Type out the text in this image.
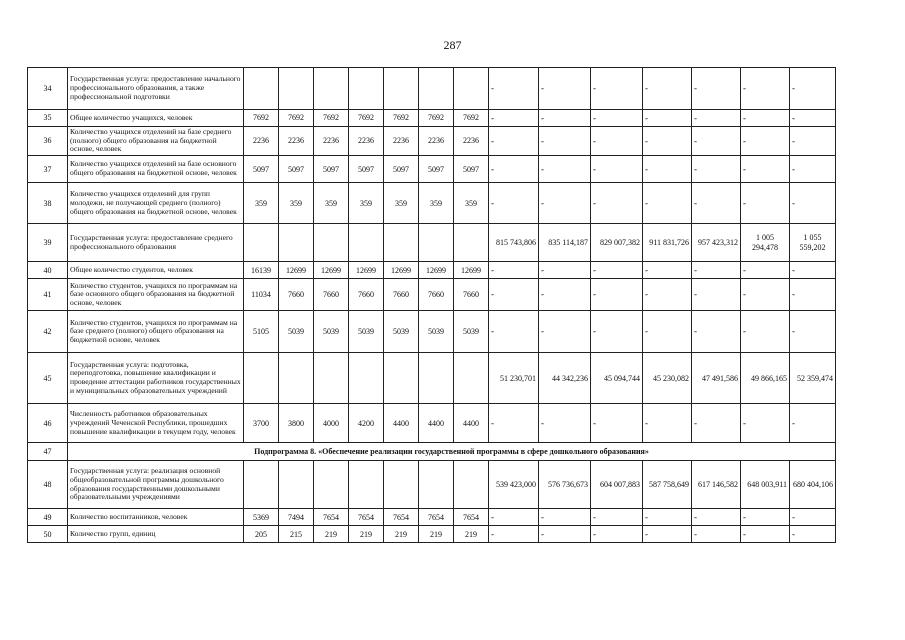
287
34	Государственная услуга: предоставление начального профессионального образования, а также профессиональной подготовки								-	-	-	-	-	-	-
35	Общее количество учащихся, человек	7692	7692	7692	7692	7692	7692	7692	-	-	-	-	-	-	-
36	Количество учащихся отделений на базе среднего (полного) общего образования на бюджетной основе, человек	2236	2236	2236	2236	2236	2236	2236	-	-	-	-	-	-	-
37	Количество учащихся отделений на базе основного общего образования на бюджетной основе, человек	5097	5097	5097	5097	5097	5097	5097	-	-	-	-	-	-	-
38	Количество учащихся отделений для групп молодежи, не получающей среднего (полного) общего образования на бюджетной основе, человек	359	359	359	359	359	359	359	-	-	-	-	-	-	-
39	Государственная услуга: предоставление среднего профессионального образования								815 743,806	835 114,187	829 007,382	911 831,726	957 423,312	1 005 294,478	1 055 559,202
40	Общее количество студентов, человек	16139	12699	12699	12699	12699	12699	12699	-	-	-	-	-	-	-
41	Количество студентов, учащихся по программам на базе основного общего образования на бюджетной основе, человек	11034	7660	7660	7660	7660	7660	7660	-	-	-	-	-	-	-
42	Количество студентов, учащихся по программам на базе среднего (полного) общего образования на бюджетной основе, человек	5105	5039	5039	5039	5039	5039	5039	-	-	-	-	-	-	-
45	Государственная услуга: подготовка, переподготовка, повышение квалификации и проведение аттестации работников государственных и муниципальных образовательных учреждений								51 230,701	44 342,236	45 094,744	45 230,082	47 491,586	49 866,165	52 359,474
46	Численность работников образовательных учреждений Чеченской Республики, прошедших повышение квалификации в текущем году, человек	3700	3800	4000	4200	4400	4400	4400	-	-	-	-	-	-	-
47	Подпрограмма 8. «Обеспечение реализации государственной программы в сфере дошкольного образования»														
48	Государственная услуга: реализация основной общеобразовательной программы дошкольного образования государственными дошкольными образовательными учреждениями								539 423,000	576 736,673	604 007,883	587 758,649	617 146,582	648 003,911	680 404,106
49	Количество воспитанников, человек	5369	7494	7654	7654	7654	7654	7654	-	-	-	-	-	-	-
50	Количество групп, единиц	205	215	219	219	219	219	219	-	-	-	-	-	-	-
